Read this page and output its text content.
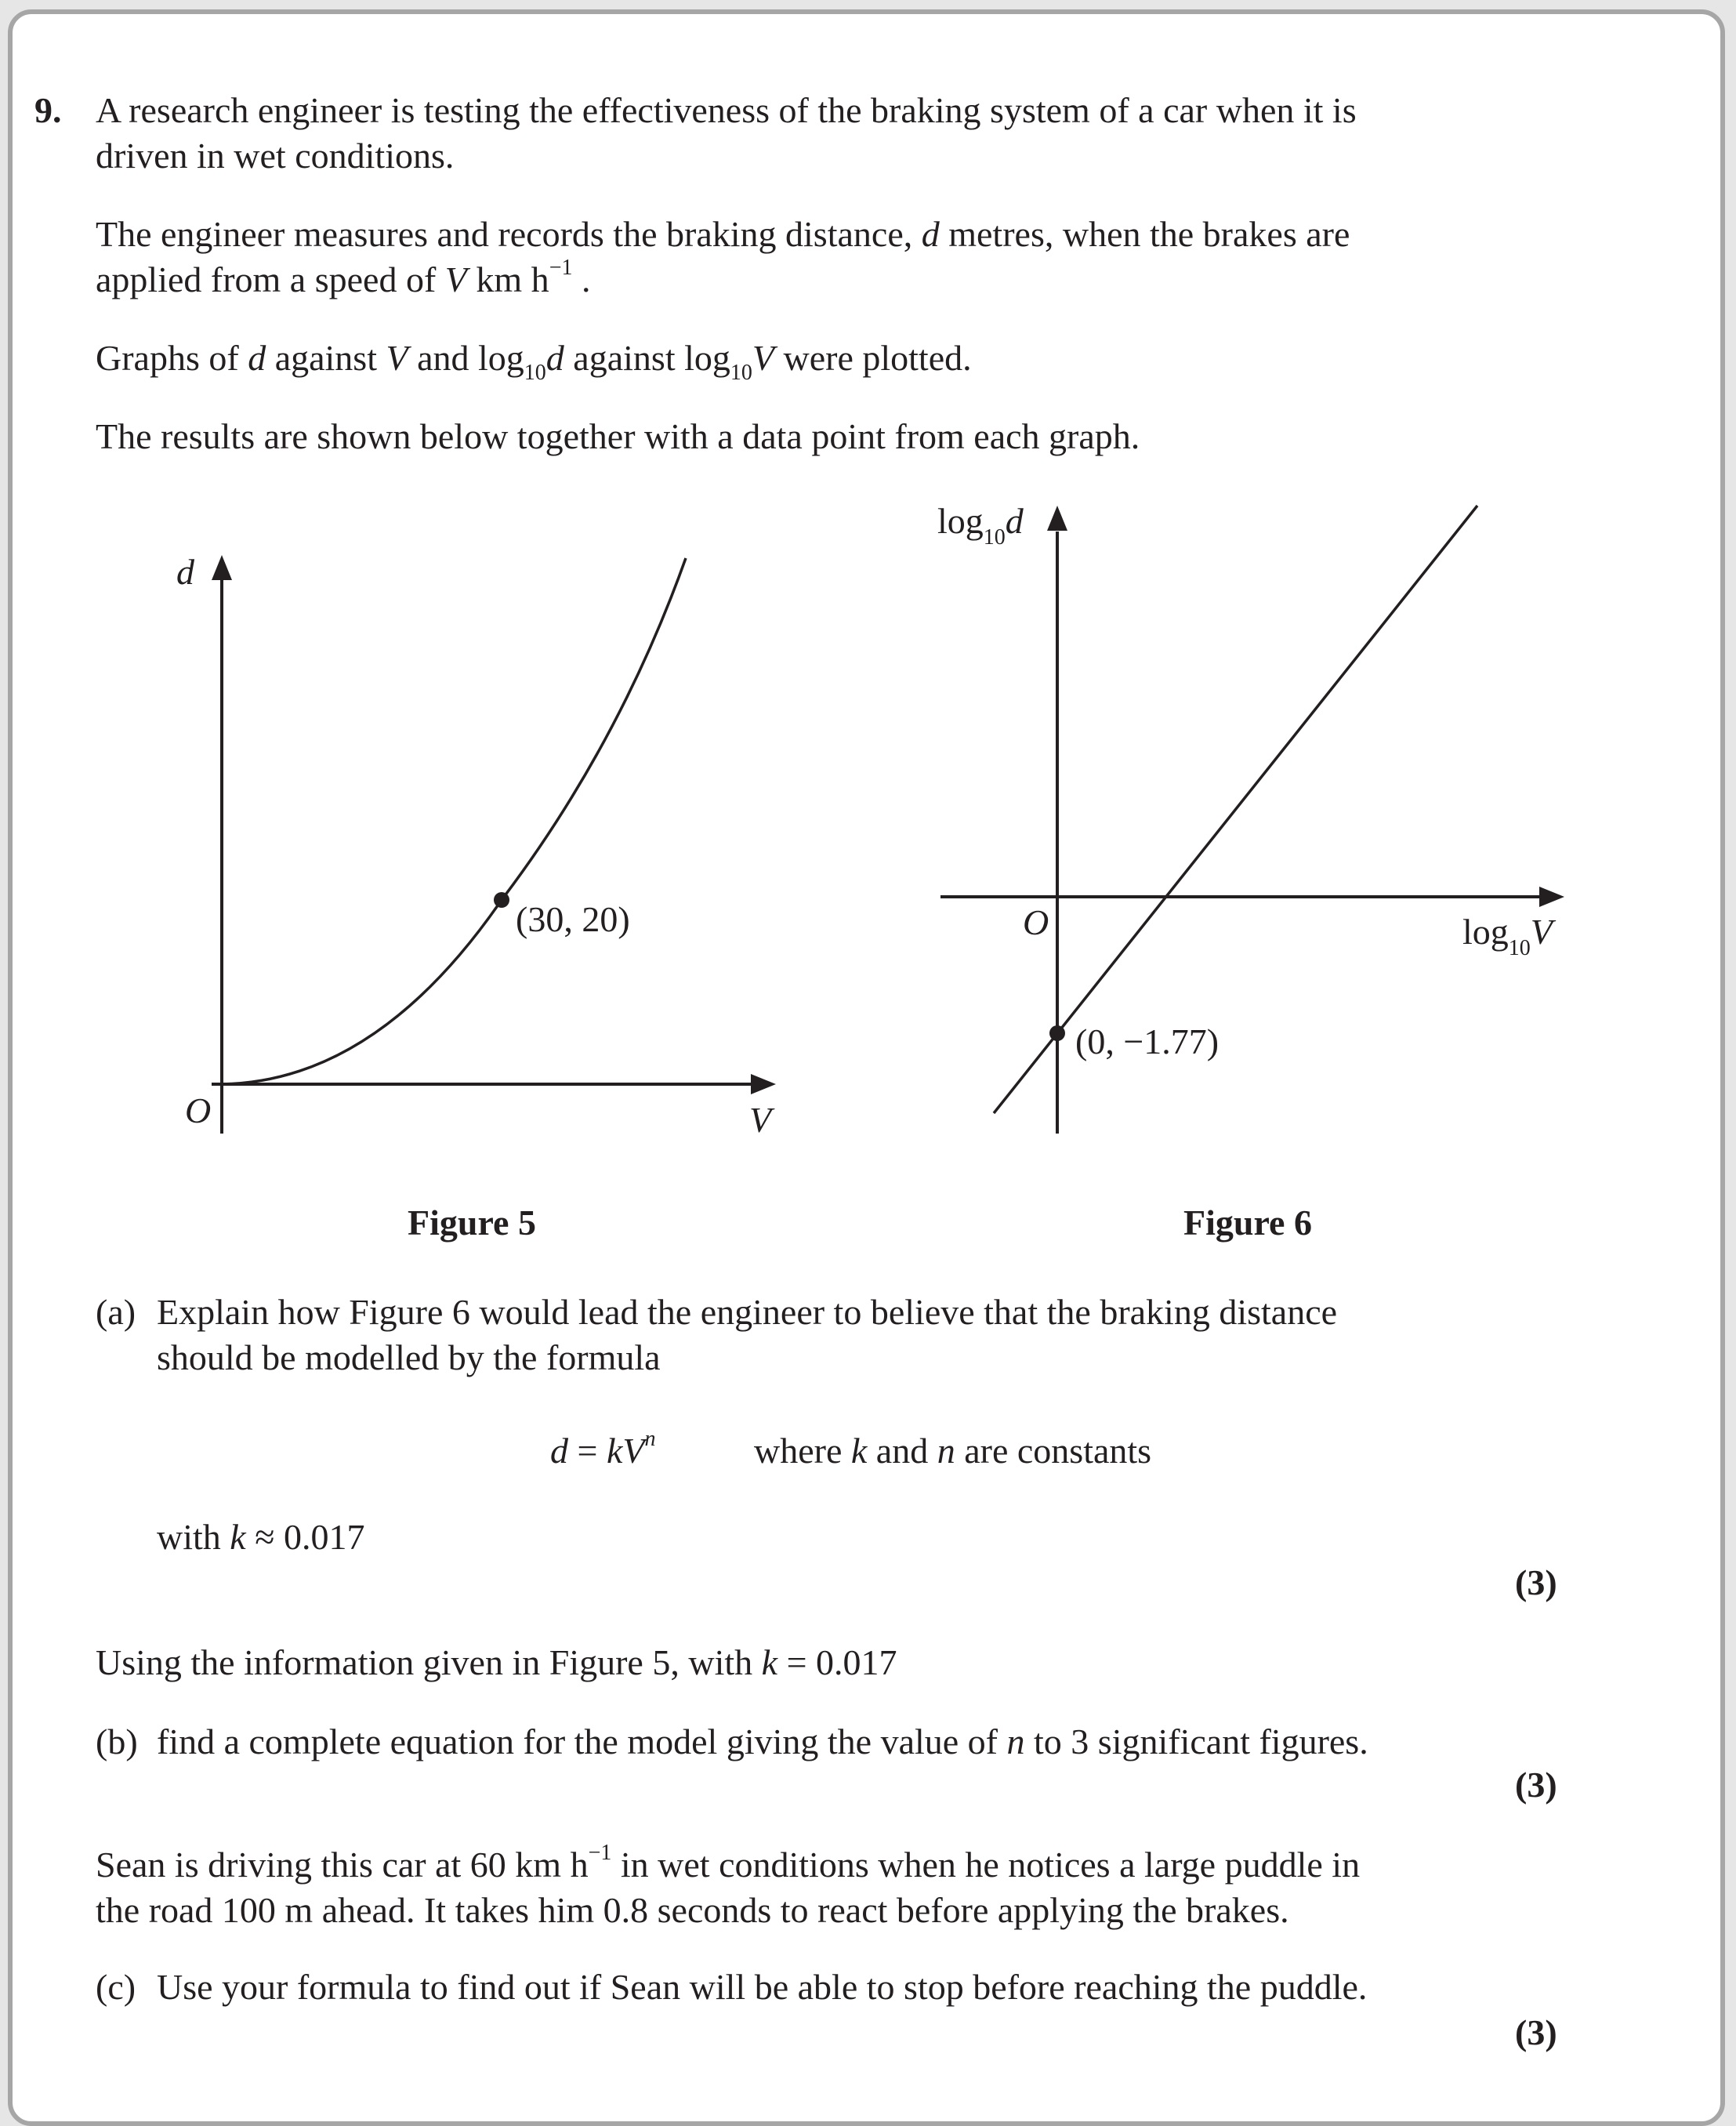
9. A research engineer is testing the effectiveness of the braking system of a car when it is
driven in wet conditions.
The engineer measures and records the braking distance, d metres, when the brakes are
applied from a speed of V km $h^{-1}$ .
Graphs of d against V and $\log_{10}d$ against $\log_{10}V$ were plotted.
The results are shown below together with a data point from each graph.
d
V
O
(30, 20)
$\log_{10}d$
O	$\log_{10}V$
(0, −1.77)
Figure 5	Figure 6
(a) Explain how Figure 6 would lead the engineer to believe that the braking distance
should be modelled by the formula
$d = kV^n$	where k and n are constants
with k ≈ 0.017
(3)
Using the information given in Figure 5, with k = 0.017
(b) find a complete equation for the model giving the value of n to 3 significant figures.
(3)
Sean is driving this car at 60 km $h^{-1}$ in wet conditions when he notices a large puddle in
the road 100 m ahead. It takes him 0.8 seconds to react before applying the brakes.
(c) Use your formula to find out if Sean will be able to stop before reaching the puddle.
(3)
